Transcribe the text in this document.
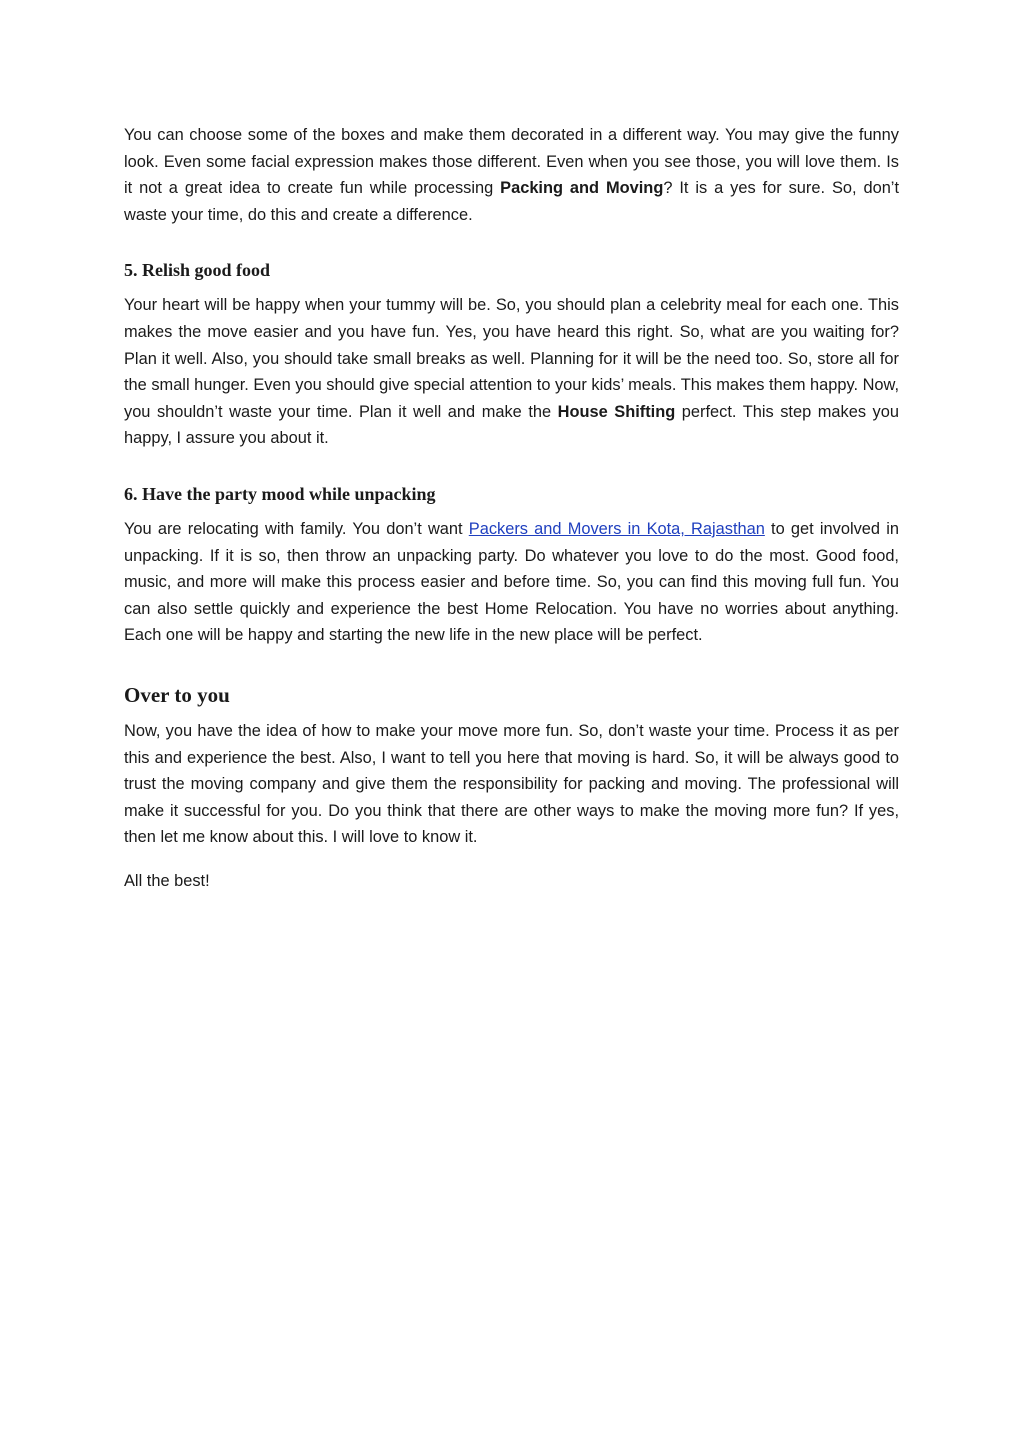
You can choose some of the boxes and make them decorated in a different way. You may give the funny look. Even some facial expression makes those different. Even when you see those, you will love them. Is it not a great idea to create fun while processing Packing and Moving? It is a yes for sure. So, don’t waste your time, do this and create a difference.

5. Relish good food

Your heart will be happy when your tummy will be. So, you should plan a celebrity meal for each one. This makes the move easier and you have fun. Yes, you have heard this right. So, what are you waiting for? Plan it well. Also, you should take small breaks as well. Planning for it will be the need too. So, store all for the small hunger. Even you should give special attention to your kids’ meals. This makes them happy. Now, you shouldn’t waste your time. Plan it well and make the House Shifting perfect. This step makes you happy, I assure you about it.

6. Have the party mood while unpacking

You are relocating with family. You don’t want Packers and Movers in Kota, Rajasthan to get involved in unpacking. If it is so, then throw an unpacking party. Do whatever you love to do the most. Good food, music, and more will make this process easier and before time. So, you can find this moving full fun. You can also settle quickly and experience the best Home Relocation. You have no worries about anything. Each one will be happy and starting the new life in the new place will be perfect.

Over to you

Now, you have the idea of how to make your move more fun. So, don’t waste your time. Process it as per this and experience the best. Also, I want to tell you here that moving is hard. So, it will be always good to trust the moving company and give them the responsibility for packing and moving. The professional will make it successful for you. Do you think that there are other ways to make the moving more fun? If yes, then let me know about this. I will love to know it.

All the best!
